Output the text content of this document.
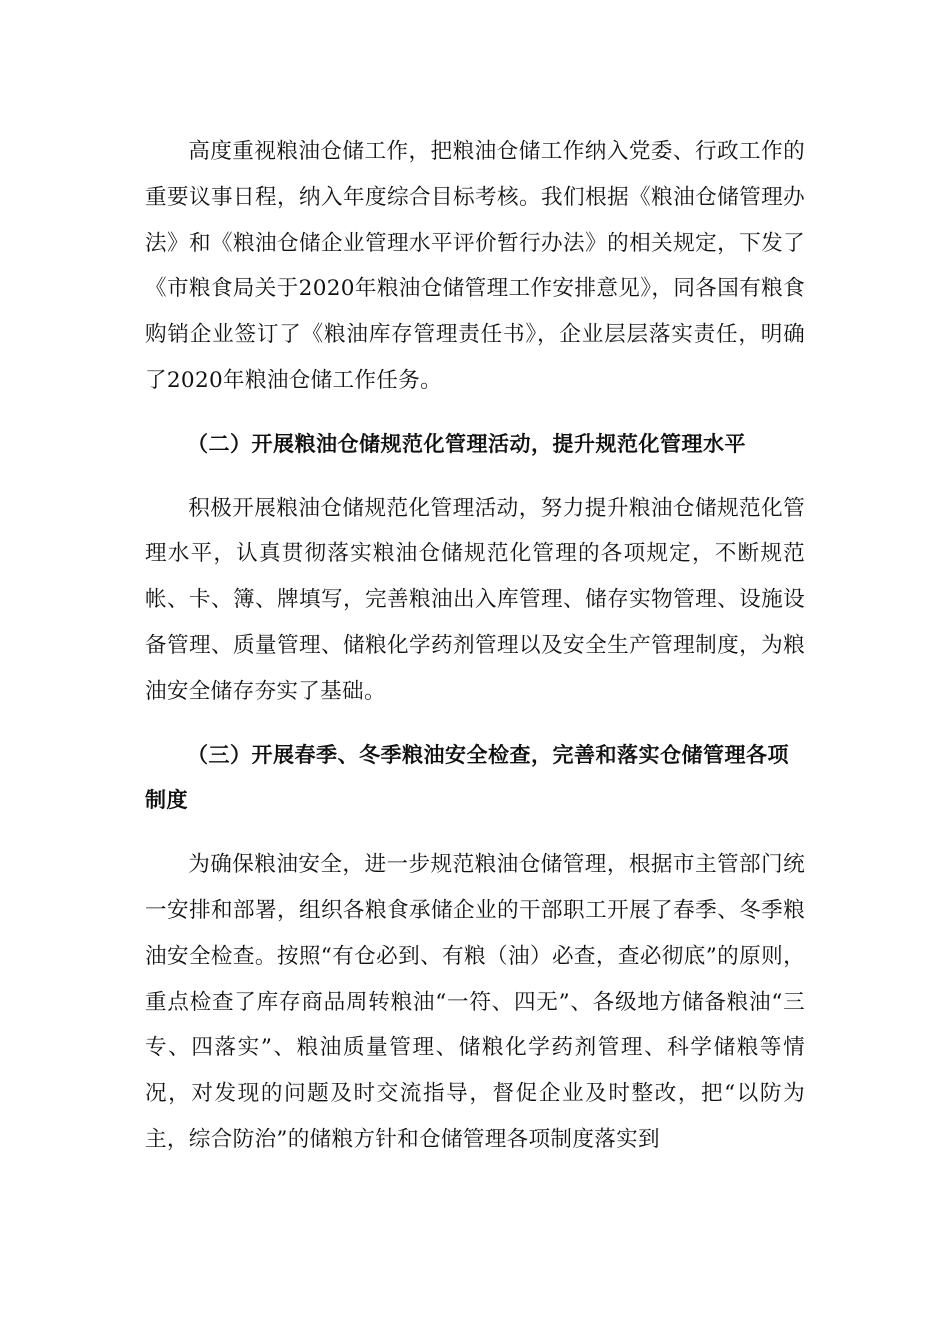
高度重视粮油仓储工作，把粮油仓储工作纳入党委、行政工作的重要议事日程，纳入年度综合目标考核。我们根据《粮油仓储管理办法》和《粮油仓储企业管理水平评价暂行办法》的相关规定，下发了《市粮食局关于2020年粮油仓储管理工作安排意见》，同各国有粮食购销企业签订了《粮油库存管理责任书》，企业层层落实责任，明确了2020年粮油仓储工作任务。

（二）开展粮油仓储规范化管理活动，提升规范化管理水平

积极开展粮油仓储规范化管理活动，努力提升粮油仓储规范化管理水平，认真贯彻落实粮油仓储规范化管理的各项规定，不断规范帐、卡、簿、牌填写，完善粮油出入库管理、储存实物管理、设施设备管理、质量管理、储粮化学药剂管理以及安全生产管理制度，为粮油安全储存夯实了基础。

（三）开展春季、冬季粮油安全检查，完善和落实仓储管理各项制度

为确保粮油安全，进一步规范粮油仓储管理，根据市主管部门统一安排和部署，组织各粮食承储企业的干部职工开展了春季、冬季粮油安全检查。按照“有仓必到、有粮（油）必查，查必彻底”的原则，重点检查了库存商品周转粮油“一符、四无”、各级地方储备粮油“三专、四落实”、粮油质量管理、储粮化学药剂管理、科学储粮等情况，对发现的问题及时交流指导，督促企业及时整改，把“以防为主，综合防治”的储粮方针和仓储管理各项制度落实到
